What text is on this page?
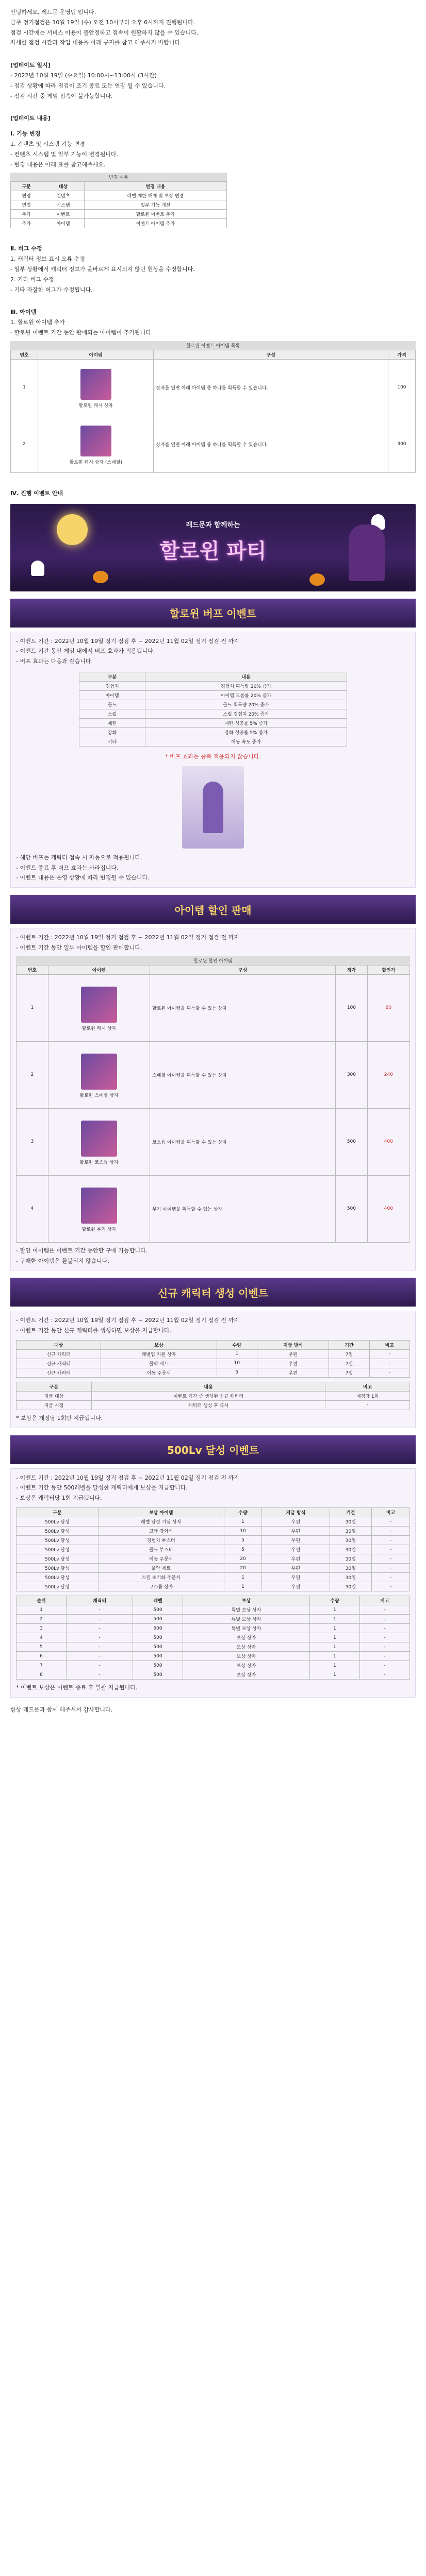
안녕하세요, 레드문 운영팀 입니다.

금주 정기점검은 10월 19일 (수) 오전 10시부터 오후 6시까지 진행됩니다.

점검 시간에는 서비스 이용이 불안정하고 접속이 원활하지 않을 수 있습니다.

자세한 점검 시간과 작업 내용을 아래 공지를 참고 해주시기 바랍니다.

[업데이트 일시]

- 2022년 10월 19일 (수요일) 10:00시~13:00시 (3시간)

- 점검 상황에 따라 점검이 조기 종료 또는 연장 될 수 있습니다.

- 점검 시간 중 게임 접속이 불가능합니다.

[업데이트 내용]

Ⅰ. 기능 변경

1. 컨텐츠 및 시스템 기능 변경

- 컨텐츠 시스템 및 일부 기능이 변경됩니다.

- 변경 내용은 아래 표를 참고해주세요.

변경 내용
구분	대상	변경 내용
변경	컨텐츠	레벨 제한 해제 및 보상 변경
변경	시스템	일부 기능 개선
추가	이벤트	할로윈 이벤트 추가
추가	아이템	이벤트 아이템 추가

Ⅱ. 버그 수정

1. 캐릭터 정보 표시 오류 수정

- 일부 상황에서 캐릭터 정보가 올바르게 표시되지 않던 현상을 수정합니다.

2. 기타 버그 수정

- 기타 자잘한 버그가 수정됩니다.

Ⅲ. 아이템

1. 할로윈 아이템 추가

- 할로윈 이벤트 기간 동안 판매되는 아이템이 추가됩니다.

할로윈 이벤트 아이템 목록
번호	아이템	구성	가격
1	할로윈 캐시 상자	상자를 열면 아래 아이템 중 하나를 획득할 수 있습니다.	100
2	할로윈 캐시 상자 (스페셜)	상자를 열면 아래 아이템 중 하나를 획득할 수 있습니다.	300

Ⅳ. 진행 이벤트 안내

레드문과 함께하는
할로윈 파티
할로윈 버프 이벤트

- 이벤트 기간 : 2022년 10월 19일 정기 점검 후 ~ 2022년 11월 02일 정기 점검 전 까지

- 이벤트 기간 동안 게임 내에서 버프 효과가 적용됩니다.

- 버프 효과는 다음과 같습니다.

구분	내용
경험치	경험치 획득량 20% 증가
아이템	아이템 드롭률 20% 증가
골드	골드 획득량 20% 증가
스킬	스킬 경험치 20% 증가
재련	재련 성공률 5% 증가
강화	강화 성공률 5% 증가
기타	이동 속도 증가

* 버프 효과는 중복 적용되지 않습니다.

- 해당 버프는 캐릭터 접속 시 자동으로 적용됩니다.

- 이벤트 종료 후 버프 효과는 사라집니다.

- 이벤트 내용은 운영 상황에 따라 변경될 수 있습니다.

아이템 할인 판매

- 이벤트 기간 : 2022년 10월 19일 정기 점검 후 ~ 2022년 11월 02일 정기 점검 전 까지

- 이벤트 기간 동안 일부 아이템을 할인 판매합니다.

할로윈 할인 아이템
번호	아이템	구성	정가	할인가
1	할로윈 캐시 상자	할로윈 아이템을 획득할 수 있는 상자	100	80
2	할로윈 스페셜 상자	스페셜 아이템을 획득할 수 있는 상자	300	240
3	할로윈 코스튬 상자	코스튬 아이템을 획득할 수 있는 상자	500	400
4	할로윈 무기 상자	무기 아이템을 획득할 수 있는 상자	500	400

- 할인 아이템은 이벤트 기간 동안만 구매 가능합니다.

- 구매한 아이템은 환불되지 않습니다.

신규 캐릭터 생성 이벤트

- 이벤트 기간 : 2022년 10월 19일 정기 점검 후 ~ 2022년 11월 02일 정기 점검 전 까지

- 이벤트 기간 동안 신규 캐릭터를 생성하면 보상을 지급합니다.

대상	보상	수량	지급 방식	기간	비고
신규 캐릭터	레벨업 지원 상자	1	우편	7일	-
신규 캐릭터	물약 세트	10	우편	7일	-
신규 캐릭터	이동 주문서	5	우편	7일	-
구분	내용	비고
지급 대상	이벤트 기간 중 생성된 신규 캐릭터	계정당 1회
지급 시점	캐릭터 생성 후 즉시	-

* 보상은 계정당 1회만 지급됩니다.

500Lv 달성 이벤트

- 이벤트 기간 : 2022년 10월 19일 정기 점검 후 ~ 2022년 11월 02일 정기 점검 전 까지

- 이벤트 기간 동안 500레벨을 달성한 캐릭터에게 보상을 지급합니다.

- 보상은 캐릭터당 1회 지급됩니다.

구분	보상 아이템	수량	지급 방식	기간	비고
500Lv 달성	레벨 달성 기념 상자	1	우편	30일	-
500Lv 달성	고급 강화석	10	우편	30일	-
500Lv 달성	경험치 부스터	5	우편	30일	-
500Lv 달성	골드 부스터	5	우편	30일	-
500Lv 달성	이동 주문서	20	우편	30일	-
500Lv 달성	물약 세트	20	우편	30일	-
500Lv 달성	스킬 초기화 주문서	1	우편	30일	-
500Lv 달성	코스튬 상자	1	우편	30일	-
순위	캐릭터	레벨	보상	수량	비고
1	-	500	특별 보상 상자	1	-
2	-	500	특별 보상 상자	1	-
3	-	500	특별 보상 상자	1	-
4	-	500	보상 상자	1	-
5	-	500	보상 상자	1	-
6	-	500	보상 상자	1	-
7	-	500	보상 상자	1	-
8	-	500	보상 상자	1	-

* 이벤트 보상은 이벤트 종료 후 일괄 지급됩니다.

항상 레드문과 함께 해주셔서 감사합니다.
